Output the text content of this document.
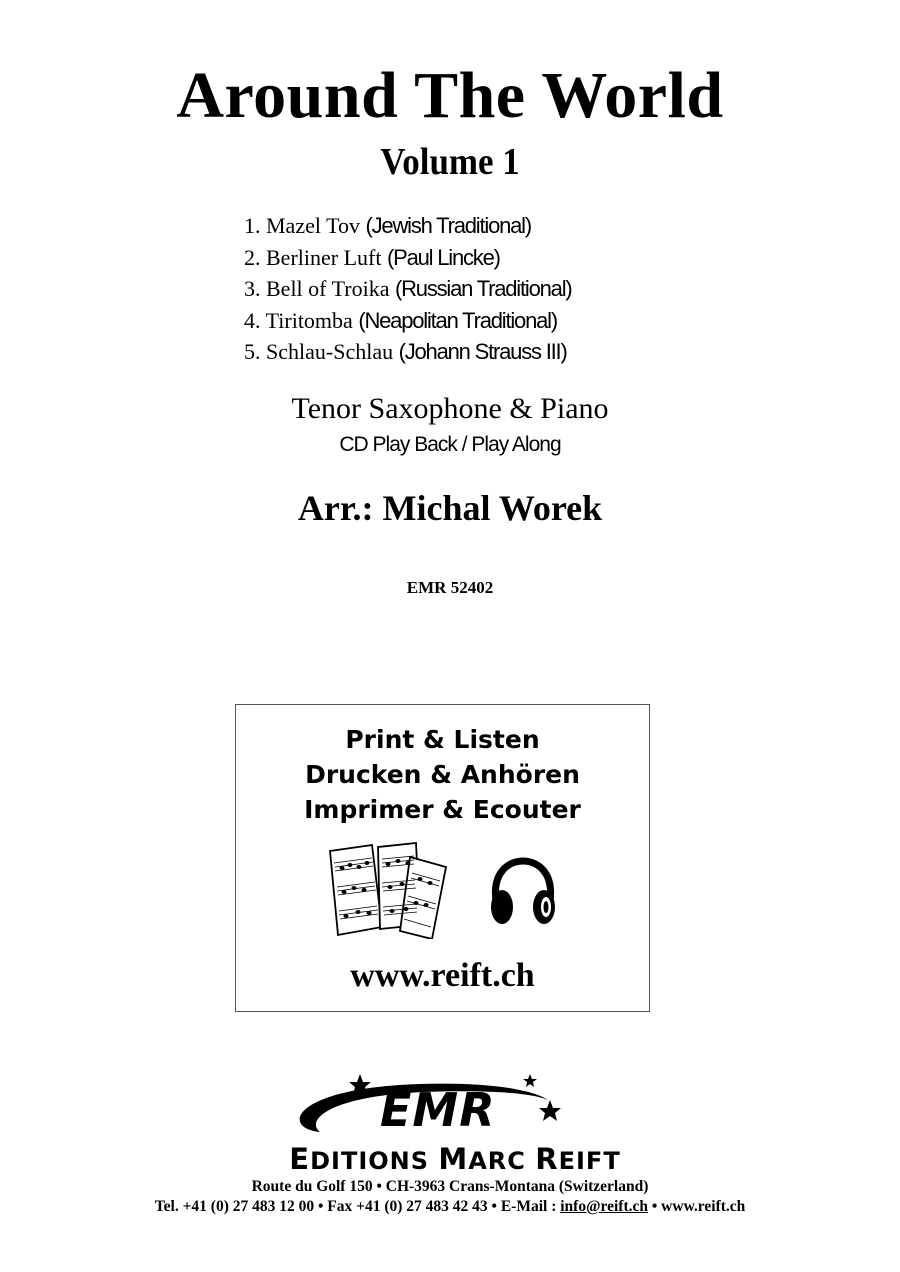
Around The World
Volume 1
1. Mazel Tov (Jewish Traditional)
2. Berliner Luft (Paul Lincke)
3. Bell of Troika (Russian Traditional)
4. Tiritomba (Neapolitan Traditional)
5. Schlau-Schlau (Johann Strauss III)
Tenor Saxophone & Piano
CD Play Back / Play Along
Arr.: Michal Worek
EMR 52402
Print & Listen
Drucken & Anhören
Imprimer & Ecouter
www.reift.ch
EMR
EDITIONS MARC REIFT
Route du Golf 150 • CH-3963 Crans-Montana (Switzerland)
Tel. +41 (0) 27 483 12 00 • Fax +41 (0) 27 483 42 43 • E-Mail : info@reift.ch • www.reift.ch
